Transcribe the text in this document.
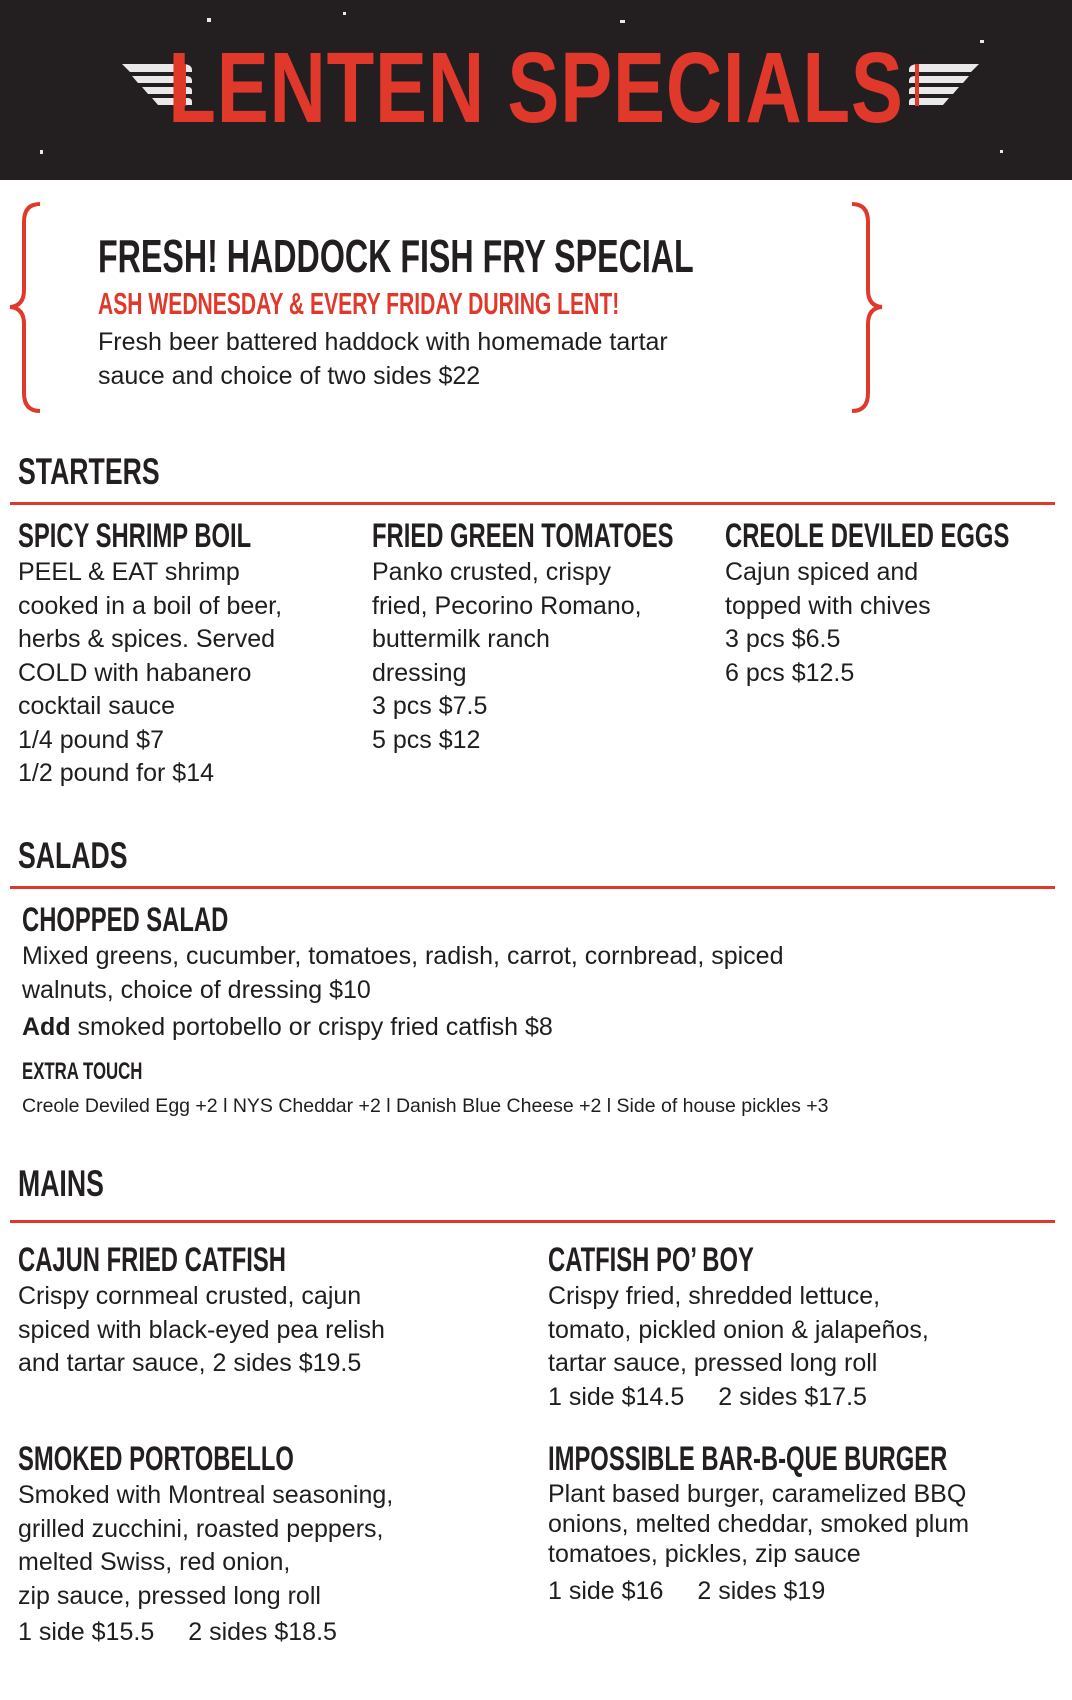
LENTEN SPECIALS
FRESH! HADDOCK FISH FRY SPECIAL
ASH WEDNESDAY & EVERY FRIDAY DURING LENT!
Fresh beer battered haddock with homemade tartar
sauce and choice of two sides $22
STARTERS
SPICY SHRIMP BOIL
PEEL & EAT shrimp
cooked in a boil of beer,
herbs & spices. Served
COLD with habanero
cocktail sauce
1/4 pound $7
1/2 pound for $14
FRIED GREEN TOMATOES
Panko crusted, crispy
fried, Pecorino Romano,
buttermilk ranch
dressing
3 pcs $7.5
5 pcs $12
CREOLE DEVILED EGGS
Cajun spiced and
topped with chives
3 pcs $6.5
6 pcs $12.5
SALADS
CHOPPED SALAD
Mixed greens, cucumber, tomatoes, radish, carrot, cornbread, spiced
walnuts, choice of dressing $10
Add smoked portobello or crispy fried catfish $8
EXTRA TOUCH
Creole Deviled Egg +2 l NYS Cheddar +2 l Danish Blue Cheese +2 l Side of house pickles +3
MAINS
CAJUN FRIED CATFISH
Crispy cornmeal crusted, cajun
spiced with black-eyed pea relish
and tartar sauce, 2 sides $19.5
CATFISH PO’ BOY
Crispy fried, shredded lettuce,
tomato, pickled onion & jalapeños,
tartar sauce, pressed long roll
1 side $14.5 2 sides $17.5
SMOKED PORTOBELLO
Smoked with Montreal seasoning,
grilled zucchini, roasted peppers,
melted Swiss, red onion,
zip sauce, pressed long roll
1 side $15.5 2 sides $18.5
IMPOSSIBLE BAR-B-QUE BURGER
Plant based burger, caramelized BBQ
onions, melted cheddar, smoked plum
tomatoes, pickles, zip sauce
1 side $16 2 sides $19
